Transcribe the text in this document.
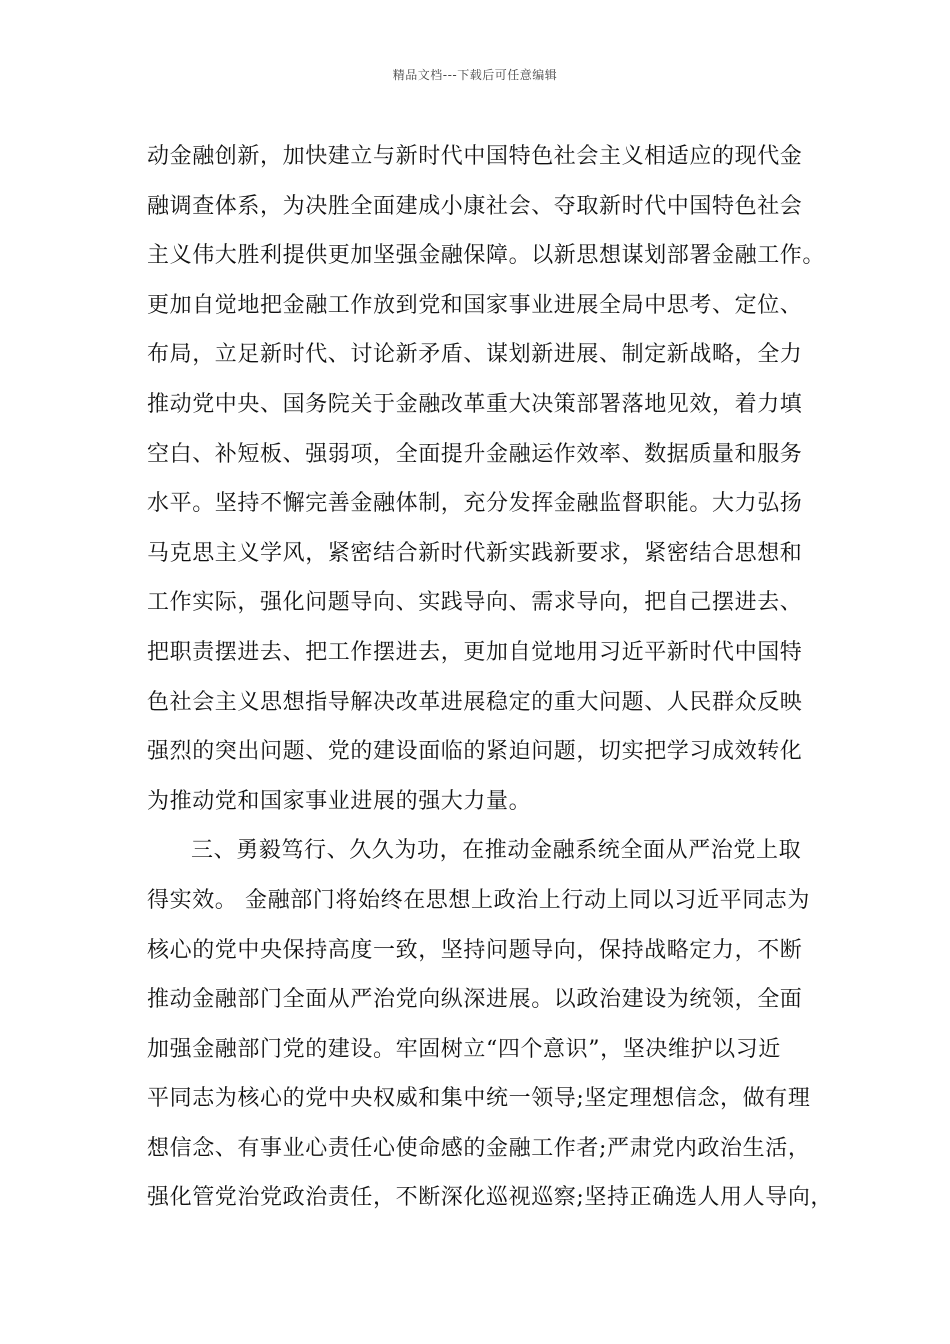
精品文档---下载后可任意编辑
动金融创新，加快建立与新时代中国特色社会主义相适应的现代金
融调查体系，为决胜全面建成小康社会、夺取新时代中国特色社会
主义伟大胜利提供更加坚强金融保障。以新思想谋划部署金融工作。
更加自觉地把金融工作放到党和国家事业进展全局中思考、定位、
布局，立足新时代、讨论新矛盾、谋划新进展、制定新战略，全力
推动党中央、国务院关于金融改革重大决策部署落地见效，着力填
空白、补短板、强弱项，全面提升金融运作效率、数据质量和服务
水平。坚持不懈完善金融体制，充分发挥金融监督职能。大力弘扬
马克思主义学风，紧密结合新时代新实践新要求，紧密结合思想和
工作实际，强化问题导向、实践导向、需求导向，把自己摆进去、
把职责摆进去、把工作摆进去，更加自觉地用习近平新时代中国特
色社会主义思想指导解决改革进展稳定的重大问题、人民群众反映
强烈的突出问题、党的建设面临的紧迫问题，切实把学习成效转化
为推动党和国家事业进展的强大力量。
三、勇毅笃行、久久为功，在推动金融系统全面从严治党上取
得实效。 金融部门将始终在思想上政治上行动上同以习近平同志为
核心的党中央保持高度一致，坚持问题导向，保持战略定力，不断
推动金融部门全面从严治党向纵深进展。以政治建设为统领，全面
加强金融部门党的建设。牢固树立“四个意识”，坚决维护以习近
平同志为核心的党中央权威和集中统一领导;坚定理想信念，做有理
想信念、有事业心责任心使命感的金融工作者;严肃党内政治生活，
强化管党治党政治责任，不断深化巡视巡察;坚持正确选人用人导向，
